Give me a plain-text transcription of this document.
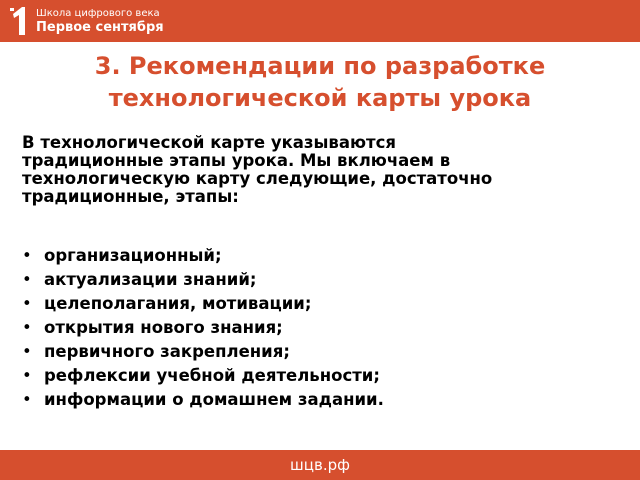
Школа цифрового века
Первое сентября
3. Рекомендации по разработке
технологической карты урока
В технологической карте указываются
традиционные этапы урока. Мы включаем в
технологическую карту следующие, достаточно
традиционные, этапы:
• организационный;
• актуализации знаний;
• целеполагания, мотивации;
• открытия нового знания;
• первичного закрепления;
• рефлексии учебной деятельности;
• информации о домашнем задании.
шцв.рф
